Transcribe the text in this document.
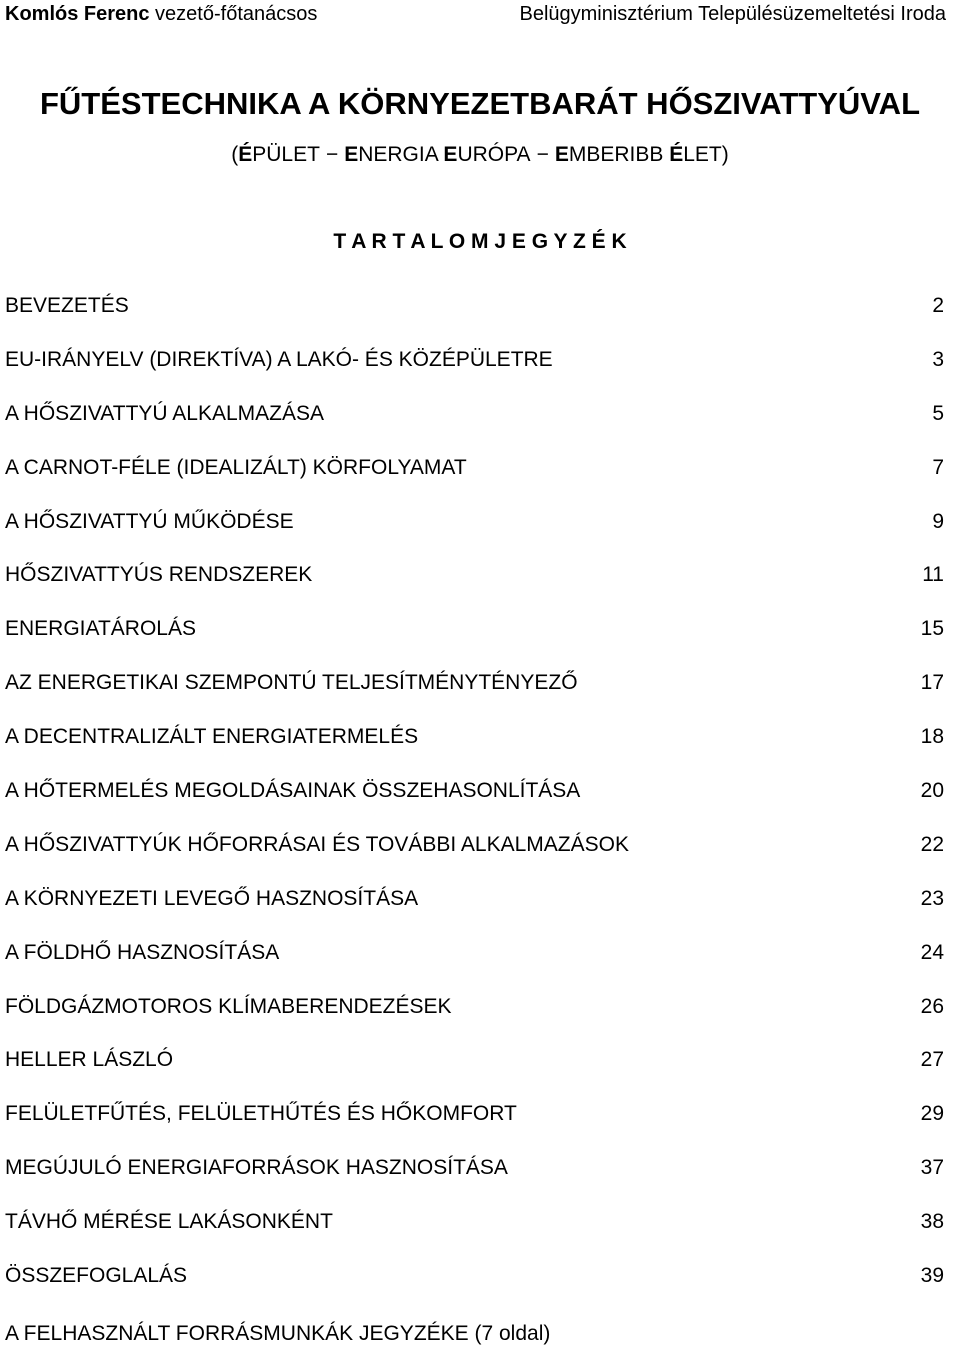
Komlós Ferenc vezető-főtanácsos	Belügyminisztérium Településüzemeltetési Iroda
FŰTÉSTECHNIKA A KÖRNYEZETBARÁT HŐSZIVATTYÚVAL
(ÉPÜLET − ENERGIA EURÓPA − EMBERIBB ÉLET)
T A R T A L O M J E G Y Z É K
BEVEZETÉS	2
EU-IRÁNYELV (DIREKTÍVA) A LAKÓ- ÉS KÖZÉPÜLETRE	3
A HŐSZIVATTYÚ ALKALMAZÁSA	5
A CARNOT-FÉLE (IDEALIZÁLT) KÖRFOLYAMAT	7
A HŐSZIVATTYÚ MŰKÖDÉSE	9
HŐSZIVATTYÚS RENDSZEREK	11
ENERGIATÁROLÁS	15
AZ ENERGETIKAI SZEMPONTÚ TELJESÍTMÉNYTÉNYEZŐ	17
A DECENTRALIZÁLT ENERGIATERMELÉS	18
A HŐTERMELÉS MEGOLDÁSAINAK ÖSSZEHASONLÍTÁSA	20
A HŐSZIVATTYÚK HŐFORRÁSAI ÉS TOVÁBBI ALKALMAZÁSOK	22
A KÖRNYEZETI LEVEGŐ HASZNOSÍTÁSA	23
A FÖLDHŐ HASZNOSÍTÁSA	24
FÖLDGÁZMOTOROS KLÍMABERENDEZÉSEK	26
HELLER LÁSZLÓ	27
FELÜLETFŰTÉS, FELÜLETHŰTÉS ÉS HŐKOMFORT	29
MEGÚJULÓ ENERGIAFORRÁSOK HASZNOSÍTÁSA	37
TÁVHŐ MÉRÉSE LAKÁSONKÉNT	38
ÖSSZEFOGLALÁS	39
A FELHASZNÁLT FORRÁSMUNKÁK JEGYZÉKE (7 oldal)
